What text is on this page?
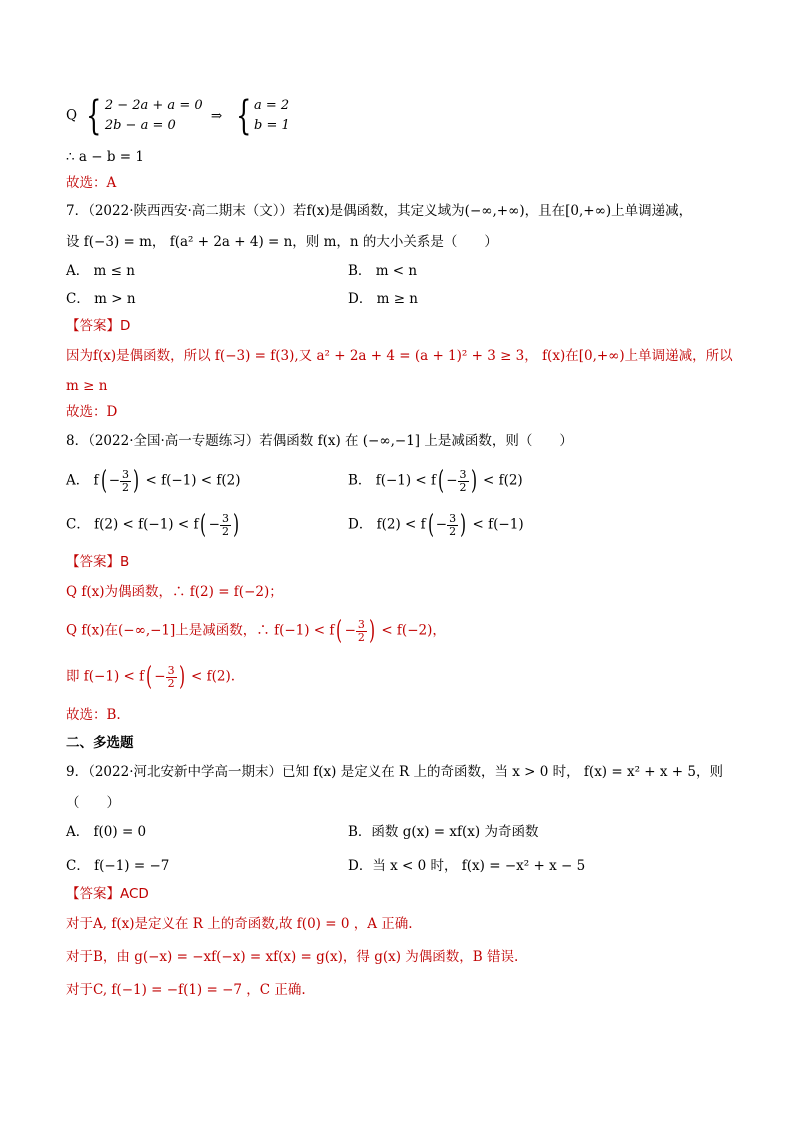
Q { 2 − 2a + a = 0
2b − a = 0
⇒ { a = 2
b = 1
∴ a − b = 1
故选：A
7．（2022·陕西西安·高二期末（文））若f(x)是偶函数，其定义域为(−∞,+∞)，且在[0,+∞)上单调递减，
设 f(−3) = m， f(a² + 2a + 4) = n，则 m，n 的大小关系是（　　）
A． m ≤ n	B． m < n
C． m > n	D． m ≥ n
【答案】D
因为f(x)是偶函数，所以 f(−3) = f(3),又 a² + 2a + 4 = (a + 1)² + 3 ≥ 3， f(x)在[0,+∞)上单调递减，所以
m ≥ n
故选：D
8．（2022·全国·高一专题练习）若偶函数 f(x) 在 (−∞,−1] 上是减函数，则（　　）
A． $f( - \frac{3}{2}$ ) < f(−1) < f(2)	B． $f(-1) < f( - \frac{3}{2}$ ) < f(2)
C． $f(2) < f(-1) < f( - \frac{3}{2}$ )	D． $f(2) < f( - \frac{3}{2}$ ) < f(−1)
【答案】B
Q f(x)为偶函数，∴ f(2) = f(−2)；
Q f(x)在(−∞,−1]上是减函数，∴ $f(-1) < f( - \frac{3}{2}$ ) < f(−2)，
即 $f(-1) < f( - \frac{3}{2}$ ) < f(2).
故选：B.
二、多选题
9．（2022·河北安新中学高一期末）已知 f(x) 是定义在 R 上的奇函数，当 x > 0 时， f(x) = x² + x + 5，则
（　　）
A． f(0) = 0	B．函数 g(x) = xf(x) 为奇函数
C． f(−1) = −7	D．当 x < 0 时， f(x) = −x² + x − 5
【答案】ACD
对于A, f(x)是定义在 R 上的奇函数,故 f(0) = 0 ，A 正确.
对于B，由 g(−x) = −xf(−x) = xf(x) = g(x)，得 g(x) 为偶函数，B 错误.
对于C, f(−1) = −f(1) = −7 ，C 正确.
